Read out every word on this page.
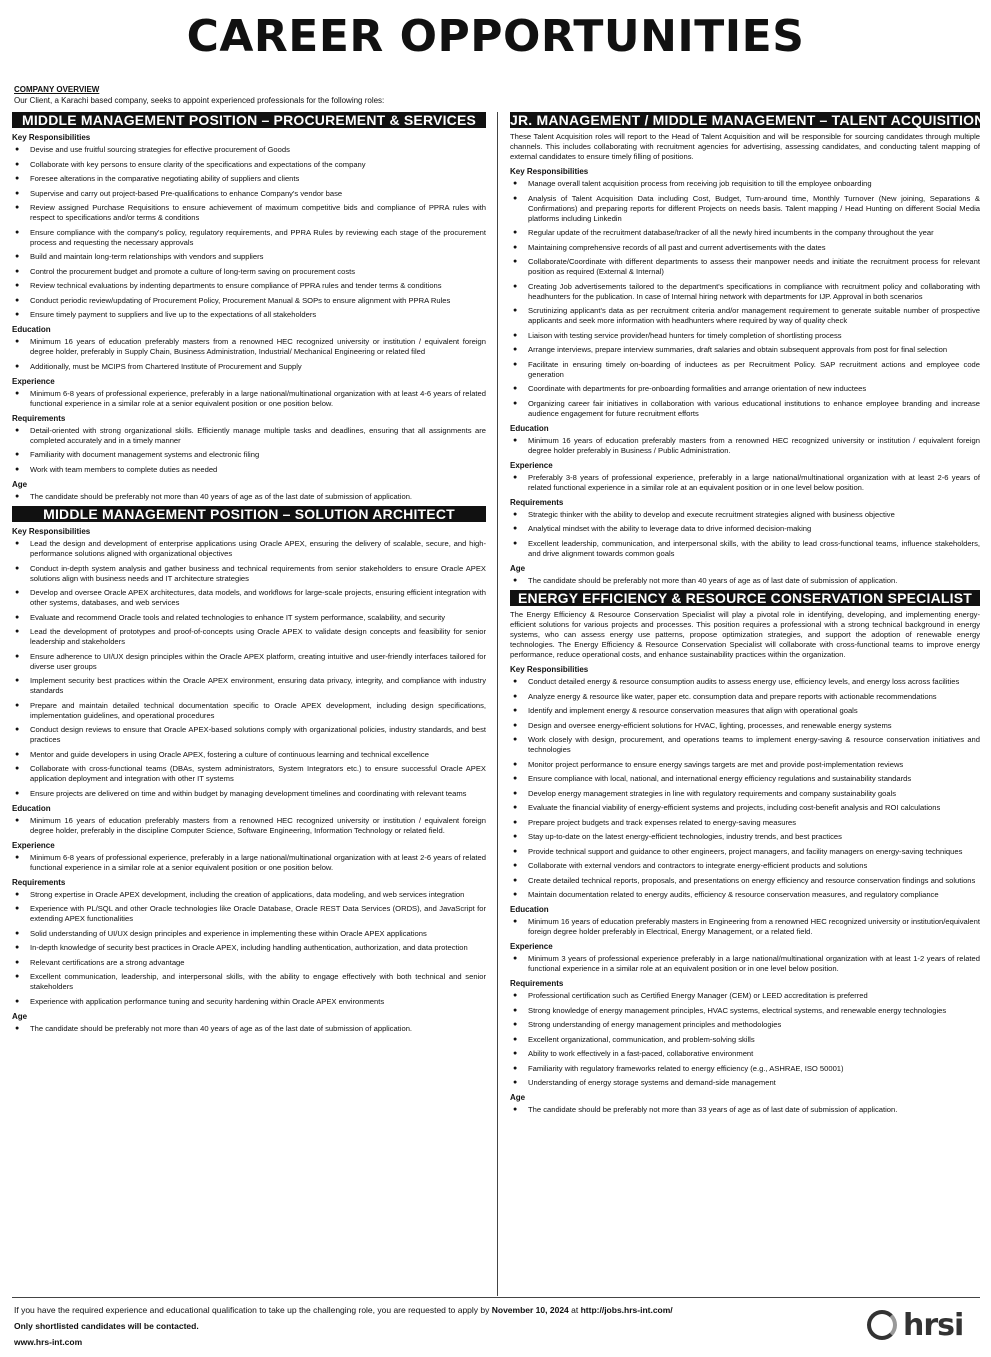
CAREER OPPORTUNITIES
COMPANY OVERVIEW
Our Client, a Karachi based company, seeks to appoint experienced professionals for the following roles:
MIDDLE MANAGEMENT POSITION – PROCUREMENT & SERVICES
Key Responsibilities
● Devise and use fruitful sourcing strategies for effective procurement of Goods
● Collaborate with key persons to ensure clarity of the specifications and expectations of the company
● Foresee alterations in the comparative negotiating ability of suppliers and clients
● Supervise and carry out project-based Pre-qualifications to enhance Company's vendor base
● Review assigned Purchase Requisitions to ensure achievement of maximum competitive bids and compliance of PPRA rules with respect to specifications and/or terms & conditions
● Ensure compliance with the company's policy, regulatory requirements, and PPRA Rules by reviewing each stage of the procurement process and requesting the necessary approvals
● Build and maintain long-term relationships with vendors and suppliers
● Control the procurement budget and promote a culture of long-term saving on procurement costs
● Review technical evaluations by indenting departments to ensure compliance of PPRA rules and tender terms & conditions
● Conduct periodic review/updating of Procurement Policy, Procurement Manual & SOPs to ensure alignment with PPRA Rules
● Ensure timely payment to suppliers and live up to the expectations of all stakeholders
Education
● Minimum 16 years of education preferably masters from a renowned HEC recognized university or institution / equivalent foreign degree holder, preferably in Supply Chain, Business Administration, Industrial/ Mechanical Engineering or related filed
● Additionally, must be MCIPS from Chartered Institute of Procurement and Supply
Experience
● Minimum 6-8 years of professional experience, preferably in a large national/multinational organization with at least 4-6 years of related functional experience in a similar role at a senior equivalent position or one position below.
Requirements
● Detail-oriented with strong organizational skills. Efficiently manage multiple tasks and deadlines, ensuring that all assignments are completed accurately and in a timely manner
● Familiarity with document management systems and electronic filing
● Work with team members to complete duties as needed
Age
● The candidate should be preferably not more than 40 years of age as of the last date of submission of application.
MIDDLE MANAGEMENT POSITION – SOLUTION ARCHITECT
Key Responsibilities
● Lead the design and development of enterprise applications using Oracle APEX, ensuring the delivery of scalable, secure, and high-performance solutions aligned with organizational objectives
● Conduct in-depth system analysis and gather business and technical requirements from senior stakeholders to ensure Oracle APEX solutions align with business needs and IT architecture strategies
● Develop and oversee Oracle APEX architectures, data models, and workflows for large-scale projects, ensuring efficient integration with other systems, databases, and web services
● Evaluate and recommend Oracle tools and related technologies to enhance IT system performance, scalability, and security
● Lead the development of prototypes and proof-of-concepts using Oracle APEX to validate design concepts and feasibility for senior leadership and stakeholders
● Ensure adherence to UI/UX design principles within the Oracle APEX platform, creating intuitive and user-friendly interfaces tailored for diverse user groups
● Implement security best practices within the Oracle APEX environment, ensuring data privacy, integrity, and compliance with industry standards
● Prepare and maintain detailed technical documentation specific to Oracle APEX development, including design specifications, implementation guidelines, and operational procedures
● Conduct design reviews to ensure that Oracle APEX-based solutions comply with organizational policies, industry standards, and best practices
● Mentor and guide developers in using Oracle APEX, fostering a culture of continuous learning and technical excellence
● Collaborate with cross-functional teams (DBAs, system administrators, System Integrators etc.) to ensure successful Oracle APEX application deployment and integration with other IT systems
● Ensure projects are delivered on time and within budget by managing development timelines and coordinating with relevant teams
Education
● Minimum 16 years of education preferably masters from a renowned HEC recognized university or institution / equivalent foreign degree holder, preferably in the discipline Computer Science, Software Engineering, Information Technology or related field.
Experience
● Minimum 6-8 years of professional experience, preferably in a large national/multinational organization with at least 2-6 years of related functional experience in a similar role at a senior equivalent position or one position below.
Requirements
● Strong expertise in Oracle APEX development, including the creation of applications, data modeling, and web services integration
● Experience with PL/SQL and other Oracle technologies like Oracle Database, Oracle REST Data Services (ORDS), and JavaScript for extending APEX functionalities
● Solid understanding of UI/UX design principles and experience in implementing these within Oracle APEX applications
● In-depth knowledge of security best practices in Oracle APEX, including handling authentication, authorization, and data protection
● Relevant certifications are a strong advantage
● Excellent communication, leadership, and interpersonal skills, with the ability to engage effectively with both technical and senior stakeholders
● Experience with application performance tuning and security hardening within Oracle APEX environments
Age
● The candidate should be preferably not more than 40 years of age as of the last date of submission of application.
JR. MANAGEMENT / MIDDLE MANAGEMENT – TALENT ACQUISITION
These Talent Acquisition roles will report to the Head of Talent Acquisition and will be responsible for sourcing candidates through multiple channels. This includes collaborating with recruitment agencies for advertising, assessing candidates, and conducting talent mapping of external candidates to ensure timely filling of positions.
Key Responsibilities
● Manage overall talent acquisition process from receiving job requisition to till the employee onboarding
● Analysis of Talent Acquisition Data including Cost, Budget, Turn-around time, Monthly Turnover (New joining, Separations & Confirmations) and preparing reports for different Projects on needs basis. Talent mapping / Head Hunting on different Social Media platforms including Linkedin
● Regular update of the recruitment database/tracker of all the newly hired incumbents in the company throughout the year
● Maintaining comprehensive records of all past and current advertisements with the dates
● Collaborate/Coordinate with different departments to assess their manpower needs and initiate the recruitment process for relevant position as required (External & Internal)
● Creating Job advertisements tailored to the department's specifications in compliance with recruitment policy and collaborating with headhunters for the publication. In case of Internal hiring network with departments for IJP. Approval in both scenarios
● Scrutinizing applicant's data as per recruitment criteria and/or management requirement to generate suitable number of prospective applicants and seek more information with headhunters where required by way of quality check
● Liaison with testing service provider/head hunters for timely completion of shortlisting process
● Arrange interviews, prepare interview summaries, draft salaries and obtain subsequent approvals from post for final selection
● Facilitate in ensuring timely on-boarding of inductees as per Recruitment Policy. SAP recruitment actions and employee code generation
● Coordinate with departments for pre-onboarding formalities and arrange orientation of new inductees
● Organizing career fair initiatives in collaboration with various educational institutions to enhance employee branding and increase audience engagement for future recruitment efforts
Education
● Minimum 16 years of education preferably masters from a renowned HEC recognized university or institution / equivalent foreign degree holder preferably in Business / Public Administration.
Experience
● Preferably 3-8 years of professional experience, preferably in a large national/multinational organization with at least 2-6 years of related functional experience in a similar role at an equivalent position or in one level below position.
Requirements
● Strategic thinker with the ability to develop and execute recruitment strategies aligned with business objective
● Analytical mindset with the ability to leverage data to drive informed decision-making
● Excellent leadership, communication, and interpersonal skills, with the ability to lead cross-functional teams, influence stakeholders, and drive alignment towards common goals
Age
● The candidate should be preferably not more than 40 years of age as of last date of submission of application.
ENERGY EFFICIENCY & RESOURCE CONSERVATION SPECIALIST
The Energy Efficiency & Resource Conservation Specialist will play a pivotal role in identifying, developing, and implementing energy-efficient solutions for various projects and processes. This position requires a professional with a strong technical background in energy systems, who can assess energy use patterns, propose optimization strategies, and support the adoption of renewable energy technologies. The Energy Efficiency & Resource Conservation Specialist will collaborate with cross-functional teams to improve energy performance, reduce operational costs, and enhance sustainability practices within the organization.
Key Responsibilities
● Conduct detailed energy & resource consumption audits to assess energy use, efficiency levels, and energy loss across facilities
● Analyze energy & resource like water, paper etc. consumption data and prepare reports with actionable recommendations
● Identify and implement energy & resource conservation measures that align with operational goals
● Design and oversee energy-efficient solutions for HVAC, lighting, processes, and renewable energy systems
● Work closely with design, procurement, and operations teams to implement energy-saving & resource conservation initiatives and technologies
● Monitor project performance to ensure energy savings targets are met and provide post-implementation reviews
● Ensure compliance with local, national, and international energy efficiency regulations and sustainability standards
● Develop energy management strategies in line with regulatory requirements and company sustainability goals
● Evaluate the financial viability of energy-efficient systems and projects, including cost-benefit analysis and ROI calculations
● Prepare project budgets and track expenses related to energy-saving measures
● Stay up-to-date on the latest energy-efficient technologies, industry trends, and best practices
● Provide technical support and guidance to other engineers, project managers, and facility managers on energy-saving techniques
● Collaborate with external vendors and contractors to integrate energy-efficient products and solutions
● Create detailed technical reports, proposals, and presentations on energy efficiency and resource conservation findings and solutions
● Maintain documentation related to energy audits, efficiency & resource conservation measures, and regulatory compliance
Education
● Minimum 16 years of education preferably masters in Engineering from a renowned HEC recognized university or institution/equivalent foreign degree holder preferably in Electrical, Energy Management, or a related field.
Experience
● Minimum 3 years of professional experience preferably in a large national/multinational organization with at least 1-2 years of related functional experience in a similar role at an equivalent position or in one level below position.
Requirements
● Professional certification such as Certified Energy Manager (CEM) or LEED accreditation is preferred
● Strong knowledge of energy management principles, HVAC systems, electrical systems, and renewable energy technologies
● Strong understanding of energy management principles and methodologies
● Excellent organizational, communication, and problem-solving skills
● Ability to work effectively in a fast-paced, collaborative environment
● Familiarity with regulatory frameworks related to energy efficiency (e.g., ASHRAE, ISO 50001)
● Understanding of energy storage systems and demand-side management
Age
● The candidate should be preferably not more than 33 years of age as of last date of submission of application.
If you have the required experience and educational qualification to take up the challenging role, you are requested to apply by November 10, 2024 at http://jobs.hrs-int.com/
Only shortlisted candidates will be contacted.
www.hrs-int.com	hrsi
